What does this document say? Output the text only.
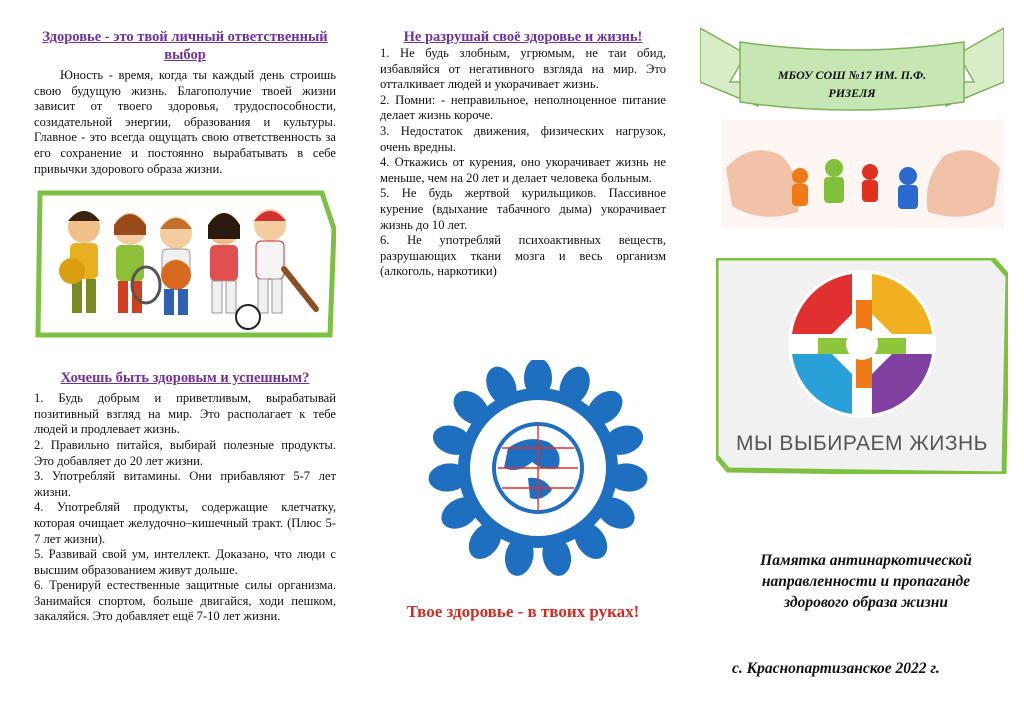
Здоровье - это твой личный ответственный выбор

Юность - время, когда ты каждый день строишь свою будущую жизнь. Благополучие твоей жизни зависит от твоего здоровья, трудоспособности, созидательной энергии, образования и культуры. Главное - это всегда ощущать свою ответственность за его сохранение и постоянно вырабатывать в себе привычки здорового образа жизни.

Хочешь быть здоровым и успешным?
1. Будь добрым и приветливым, вырабатывай позитивный взгляд на мир. Это располагает к тебе людей и продлевает жизнь.
2. Правильно питайся, выбирай полезные продукты. Это добавляет до 20 лет жизни.
3. Употребляй витамины. Они прибавляют 5-7 лет жизни.
4. Употребляй продукты, содержащие клетчатку, которая очищает желудочно–кишечный тракт. (Плюс 5-7 лет жизни).
5. Развивай свой ум, интеллект. Доказано, что люди с высшим образованием живут дольше.
6. Тренируй естественные защитные силы организма. Занимайся спортом, больше двигайся, ходи пешком, закаляйся. Это добавляет ещё 7-10 лет жизни.
Не разрушай своё здоровье и жизнь!
1. Не будь злобным, угрюмым, не таи обид, избавляйся от негативного взгляда на мир. Это отталкивает людей и укорачивает жизнь.
2. Помни: - неправильное, неполноценное питание делает жизнь короче.
3. Недостаток движения, физических нагрузок, очень вредны.
4. Откажись от курения, оно укорачивает жизнь не меньше, чем на 20 лет и делает человека больным.
5. Не будь жертвой курильщиков. Пассивное курение (вдыхание табачного дыма) укорачивает жизнь до 10 лет.
6. Не употребляй психоактивных веществ, разрушающих ткани мозга и весь организм (алкоголь, наркотики)
Твое здоровье - в твоих руках!
МБОУ СОШ №17 ИМ. П.Ф. РИЗЕЛЯ
МЫ ВЫБИРАЕМ ЖИЗНЬ
Памятка антинаркотической направленности и пропаганде здорового образа жизни
с. Краснопартизанское 2022 г.
